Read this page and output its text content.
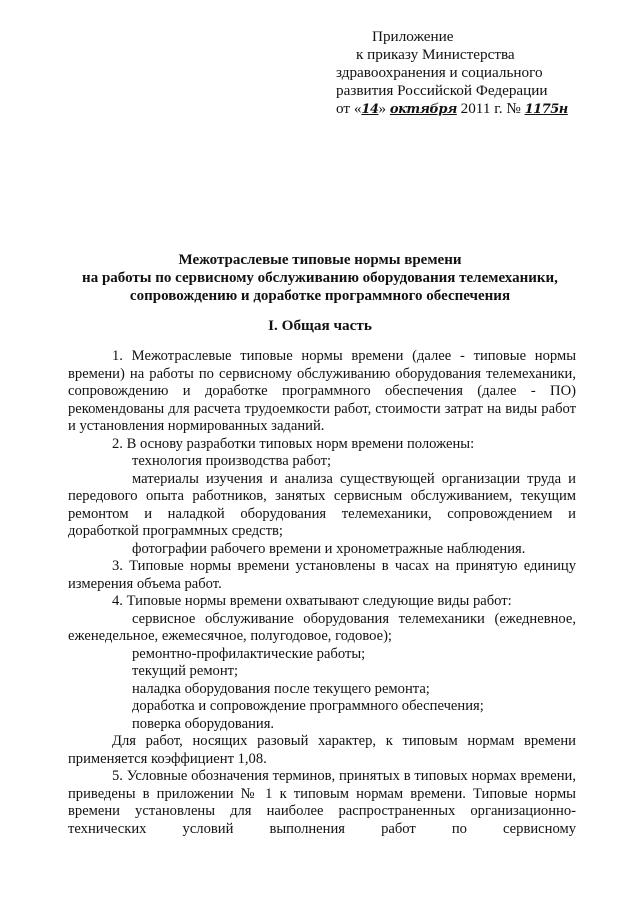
Приложение
к приказу Министерства
здравоохранения и социального
развития Российской Федерации
от «14» октября 2011 г. № 1175н
Межотраслевые типовые нормы времени
на работы по сервисному обслуживанию оборудования телемеханики,
сопровождению и доработке программного обеспечения
I. Общая часть

1. Межотраслевые типовые нормы времени (далее - типовые нормы времени) на работы по сервисному обслуживанию оборудования телемеханики, сопровождению и доработке программного обеспечения (далее - ПО) рекомендованы для расчета трудоемкости работ, стоимости затрат на виды работ и установления нормированных заданий.

2. В основу разработки типовых норм времени положены:

технология производства работ;

материалы изучения и анализа существующей организации труда и передового опыта работников, занятых сервисным обслуживанием, текущим ремонтом и наладкой оборудования телемеханики, сопровождением и доработкой программных средств;

фотографии рабочего времени и хронометражные наблюдения.

3. Типовые нормы времени установлены в часах на принятую единицу измерения объема работ.

4. Типовые нормы времени охватывают следующие виды работ:

сервисное обслуживание оборудования телемеханики (ежедневное, еженедельное, ежемесячное, полугодовое, годовое);

ремонтно-профилактические работы;

текущий ремонт;

наладка оборудования после текущего ремонта;

доработка и сопровождение программного обеспечения;

поверка оборудования.

Для работ, носящих разовый характер, к типовым нормам времени применяется коэффициент 1,08.

5. Условные обозначения терминов, принятых в типовых нормах времени, приведены в приложении № 1 к типовым нормам времени. Типовые нормы времени установлены для наиболее распространенных организационно-технических условий выполнения работ по сервисному
